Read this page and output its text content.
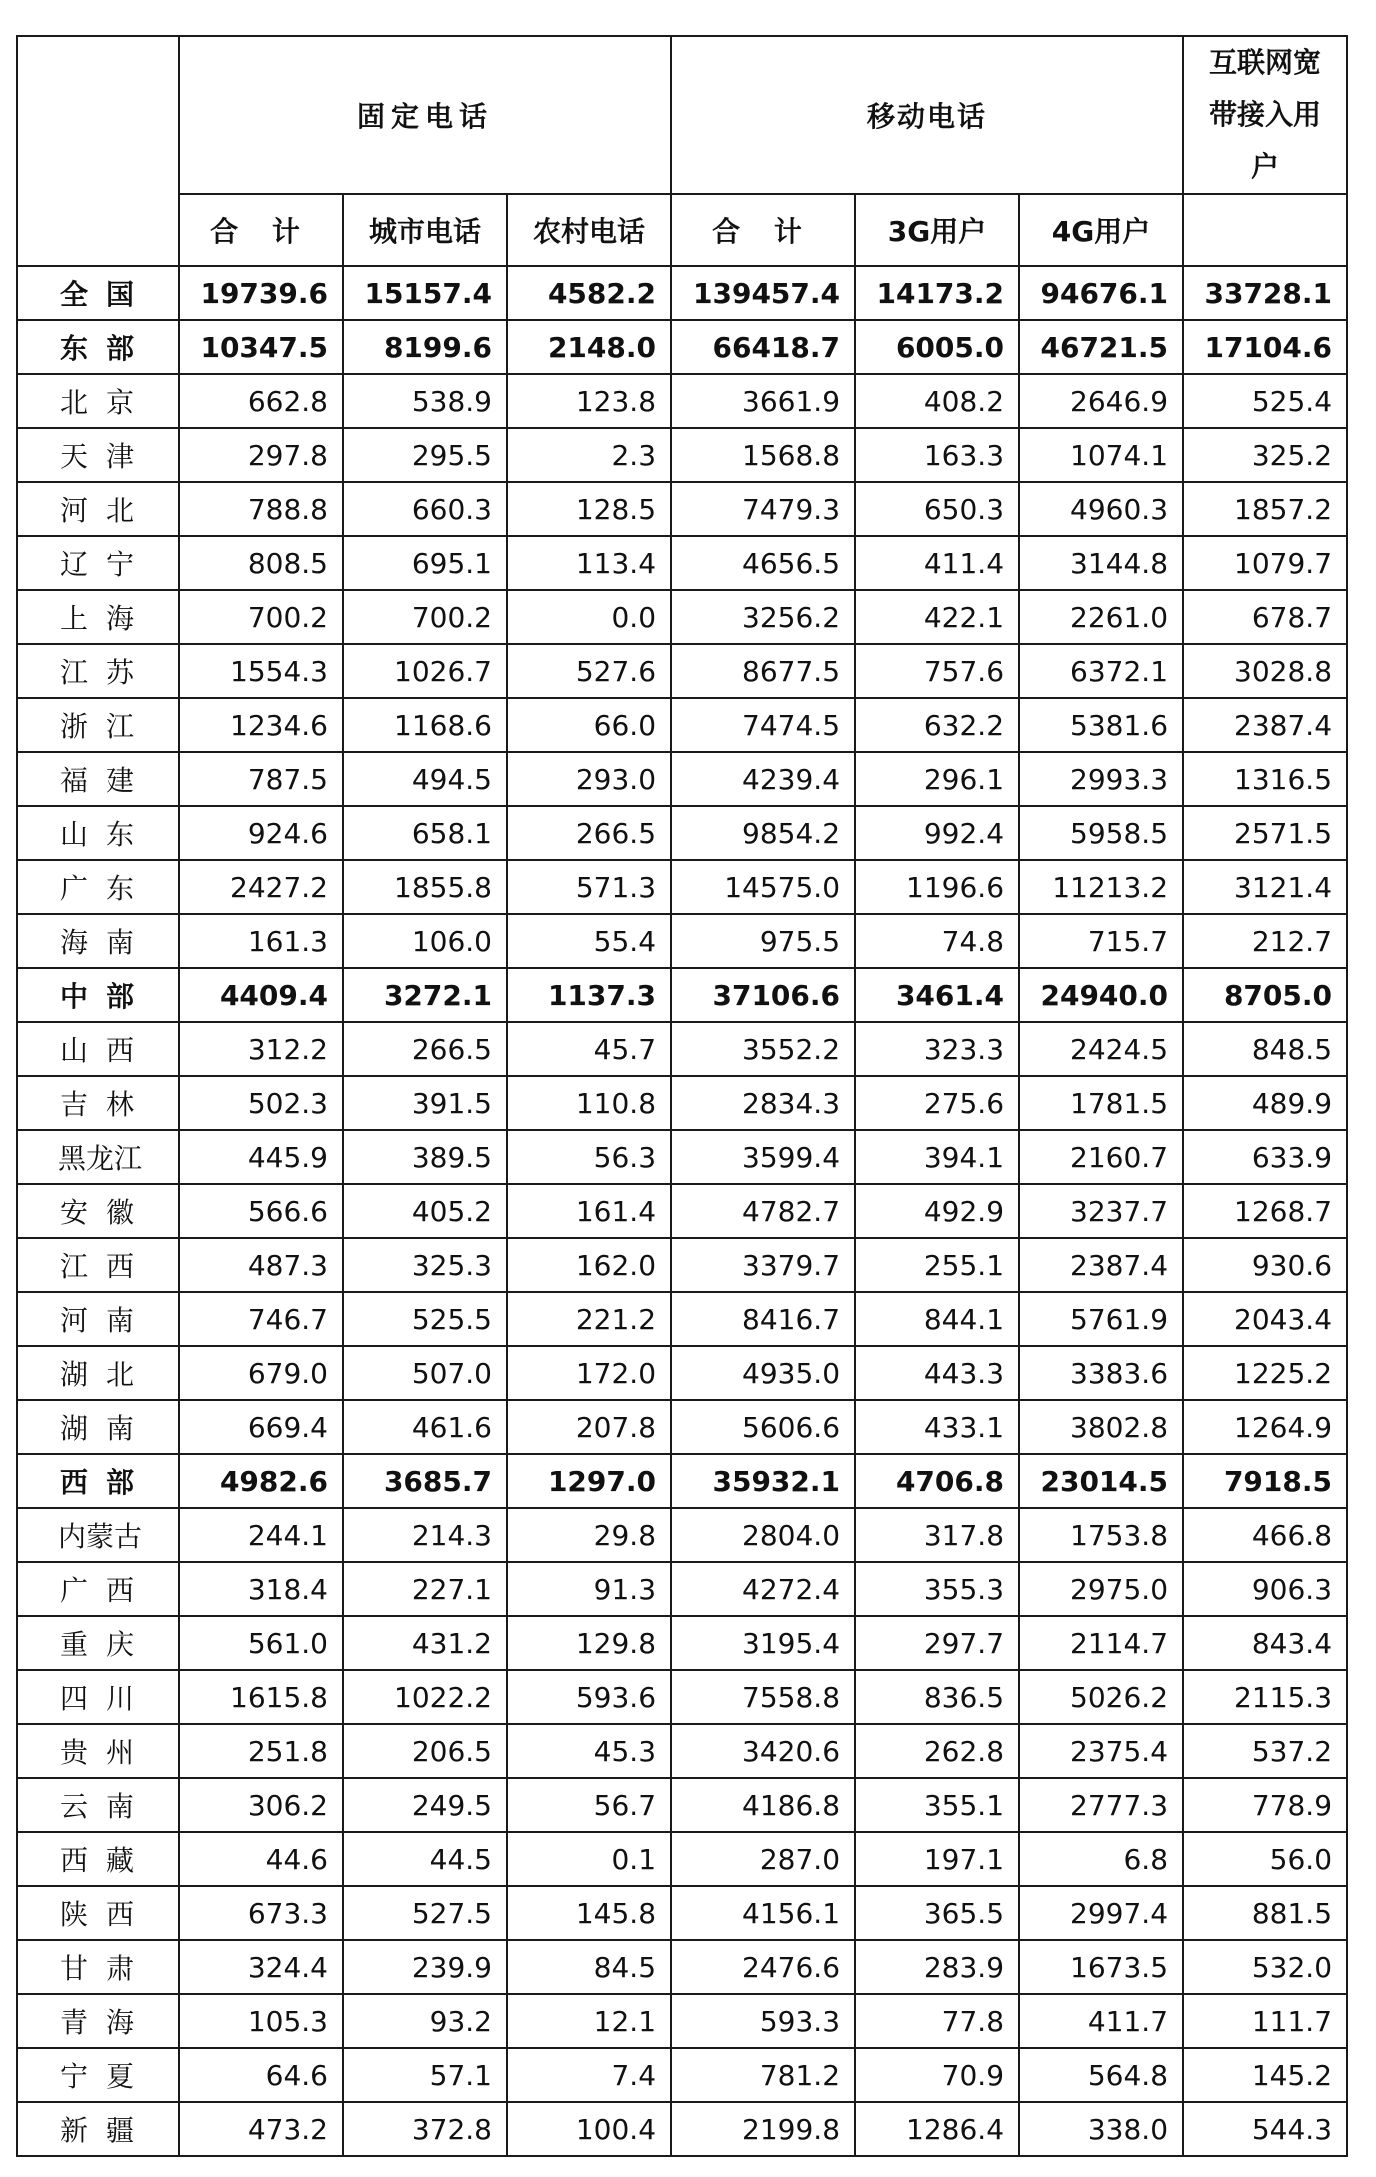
	固定电话			移动电话			互联网宽带接入用户
	合 计	城市电话	农村电话	合 计	3G用户	4G用户	
全国	19739.6	15157.4	4582.2	139457.4	14173.2	94676.1	33728.1
东部	10347.5	8199.6	2148.0	66418.7	6005.0	46721.5	17104.6
北京	662.8	538.9	123.8	3661.9	408.2	2646.9	525.4
天津	297.8	295.5	2.3	1568.8	163.3	1074.1	325.2
河北	788.8	660.3	128.5	7479.3	650.3	4960.3	1857.2
辽宁	808.5	695.1	113.4	4656.5	411.4	3144.8	1079.7
上海	700.2	700.2	0.0	3256.2	422.1	2261.0	678.7
江苏	1554.3	1026.7	527.6	8677.5	757.6	6372.1	3028.8
浙江	1234.6	1168.6	66.0	7474.5	632.2	5381.6	2387.4
福建	787.5	494.5	293.0	4239.4	296.1	2993.3	1316.5
山东	924.6	658.1	266.5	9854.2	992.4	5958.5	2571.5
广东	2427.2	1855.8	571.3	14575.0	1196.6	11213.2	3121.4
海南	161.3	106.0	55.4	975.5	74.8	715.7	212.7
中部	4409.4	3272.1	1137.3	37106.6	3461.4	24940.0	8705.0
山西	312.2	266.5	45.7	3552.2	323.3	2424.5	848.5
吉林	502.3	391.5	110.8	2834.3	275.6	1781.5	489.9
黑龙江	445.9	389.5	56.3	3599.4	394.1	2160.7	633.9
安徽	566.6	405.2	161.4	4782.7	492.9	3237.7	1268.7
江西	487.3	325.3	162.0	3379.7	255.1	2387.4	930.6
河南	746.7	525.5	221.2	8416.7	844.1	5761.9	2043.4
湖北	679.0	507.0	172.0	4935.0	443.3	3383.6	1225.2
湖南	669.4	461.6	207.8	5606.6	433.1	3802.8	1264.9
西部	4982.6	3685.7	1297.0	35932.1	4706.8	23014.5	7918.5
内蒙古	244.1	214.3	29.8	2804.0	317.8	1753.8	466.8
广西	318.4	227.1	91.3	4272.4	355.3	2975.0	906.3
重庆	561.0	431.2	129.8	3195.4	297.7	2114.7	843.4
四川	1615.8	1022.2	593.6	7558.8	836.5	5026.2	2115.3
贵州	251.8	206.5	45.3	3420.6	262.8	2375.4	537.2
云南	306.2	249.5	56.7	4186.8	355.1	2777.3	778.9
西藏	44.6	44.5	0.1	287.0	197.1	6.8	56.0
陕西	673.3	527.5	145.8	4156.1	365.5	2997.4	881.5
甘肃	324.4	239.9	84.5	2476.6	283.9	1673.5	532.0
青海	105.3	93.2	12.1	593.3	77.8	411.7	111.7
宁夏	64.6	57.1	7.4	781.2	70.9	564.8	145.2
新疆	473.2	372.8	100.4	2199.8	1286.4	338.0	544.3
